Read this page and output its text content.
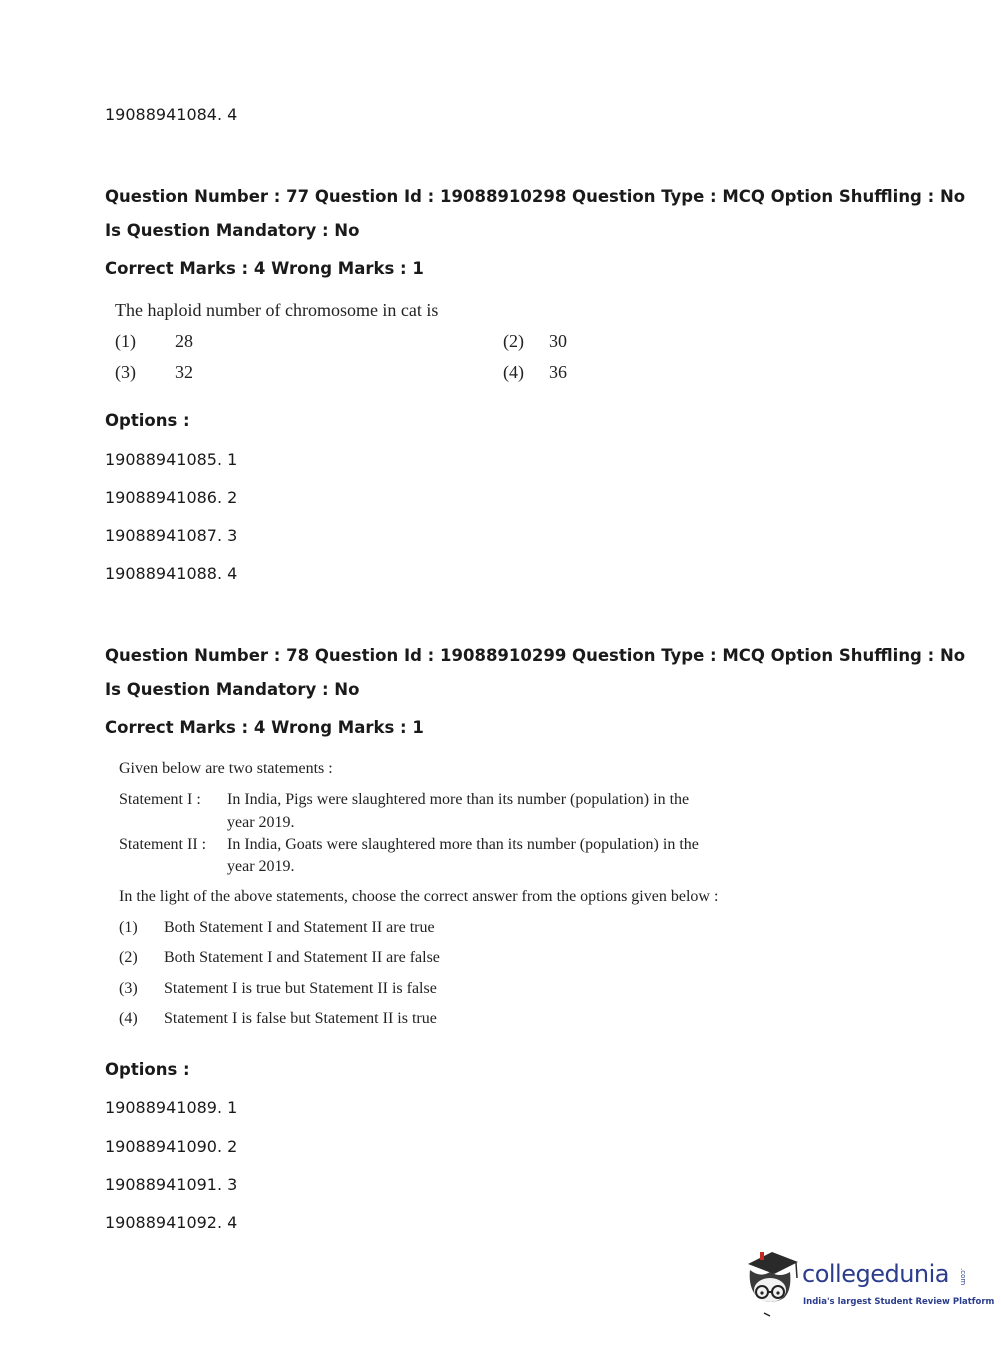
19088941084. 4
Question Number : 77 Question Id : 19088910298 Question Type : MCQ Option Shuffling : No
Is Question Mandatory : No
Correct Marks : 4 Wrong Marks : 1
The haploid number of chromosome in cat is
(1) 28	(2) 30
(3) 32	(4) 36
Options :
19088941085. 1
19088941086. 2
19088941087. 3
19088941088. 4
Question Number : 78 Question Id : 19088910299 Question Type : MCQ Option Shuffling : No
Is Question Mandatory : No
Correct Marks : 4 Wrong Marks : 1
Given below are two statements :
Statement I : In India, Pigs were slaughtered more than its number (population) in the
year 2019.
Statement II : In India, Goats were slaughtered more than its number (population) in the
year 2019.
In the light of the above statements, choose the correct answer from the options given below :
(1) Both Statement I and Statement II are true
(2) Both Statement I and Statement II are false
(3) Statement I is true but Statement II is false
(4) Statement I is false but Statement II is true
Options :
19088941089. 1
19088941090. 2
19088941091. 3
19088941092. 4
collegedunia .com
India's largest Student Review Platform
